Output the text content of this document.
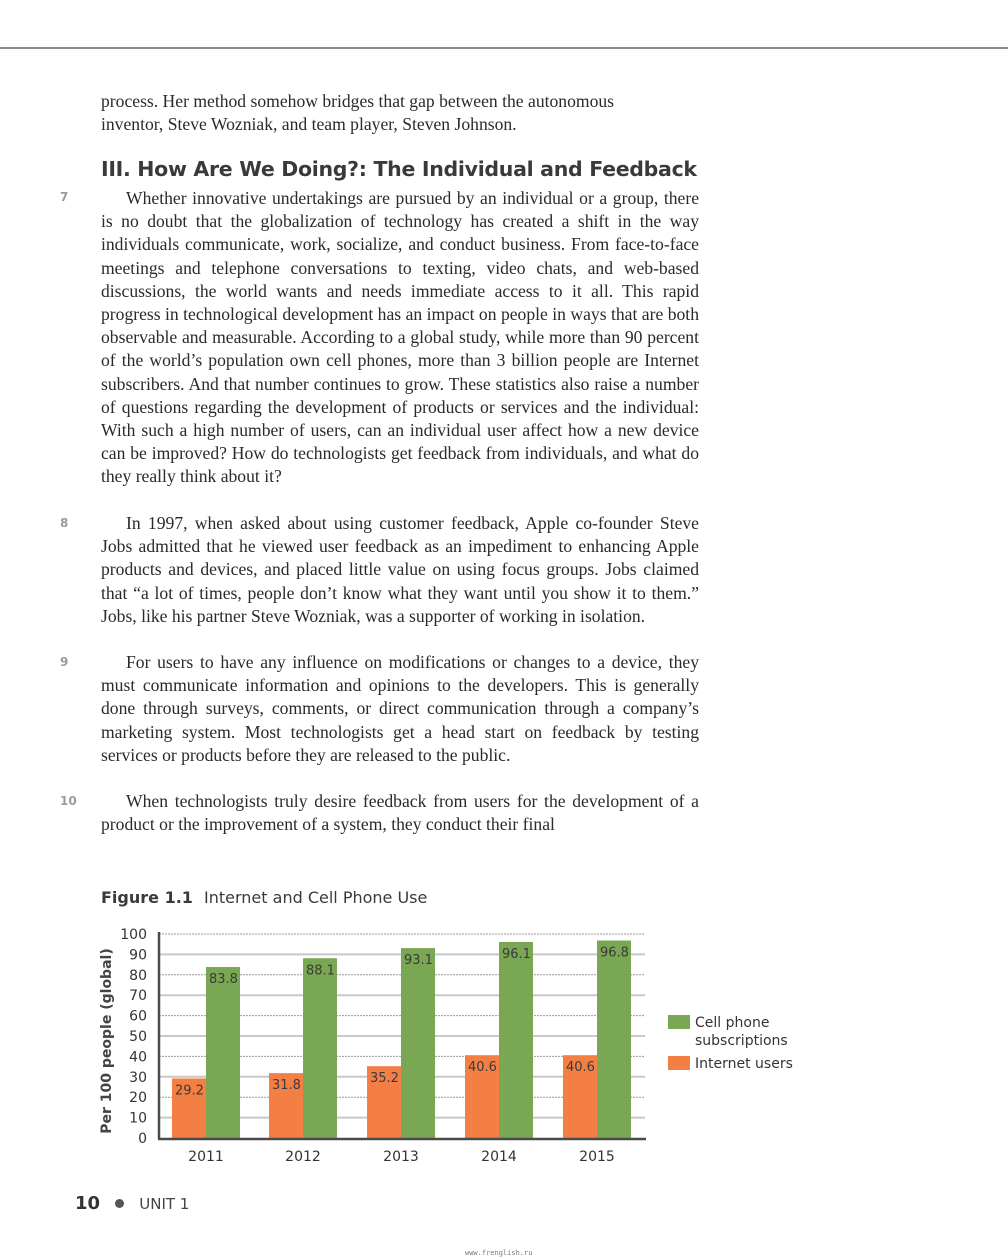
process. Her method somehow bridges that gap between the autonomous

inventor, Steve Wozniak, and team player, Steven Johnson.

III. How Are We Doing?: The Individual and Feedback
7	Whether innovative undertakings are pursued by an individual or a group, there is no doubt that the globalization of technology has created a shift in the way individuals communicate, work, socialize, and conduct business. From face-to-face meetings and telephone conversations to texting, video chats, and web-based discussions, the world wants and needs immediate access to it all. This rapid progress in technological development has an impact on people in ways that are both observable and measurable. According to a global study, while more than 90 percent of the world’s population own cell phones, more than 3 billion people are Internet subscribers. And that number continues to grow. These statistics also raise a number of questions regarding the development of products or services and the individual: With such a high number of users, can an individual user affect how a new device can be improved? How do technologists get feedback from individuals, and what do they really think about it?

8	In 1997, when asked about using customer feedback, Apple co-founder Steve Jobs admitted that he viewed user feedback as an impediment to enhancing Apple products and devices, and placed little value on using focus groups. Jobs claimed that “a lot of times, people don’t know what they want until you show it to them.” Jobs, like his partner Steve Wozniak, was a supporter of working in isolation.

9	For users to have any influence on modifications or changes to a device, they must communicate information and opinions to the developers. This is generally done through surveys, comments, or direct communication through a company’s marketing system. Most technologists get a head start on feedback by testing services or products before they are released to the public.

10	When technologists truly desire feedback from users for the development of a product or the improvement of a system, they conduct their final

Figure 1.1 Internet and Cell Phone Use
0
10
20
30
40
50
60
70
80
90
100
2011	2012	2013	2014	2015
29.2
83.8
31.8
88.1
35.2
93.1
40.6
96.1
40.6
96.8
Per 100 people (global)	Cell phone
subscriptions
Internet users
10	UNIT 1
www.frenglish.ru
